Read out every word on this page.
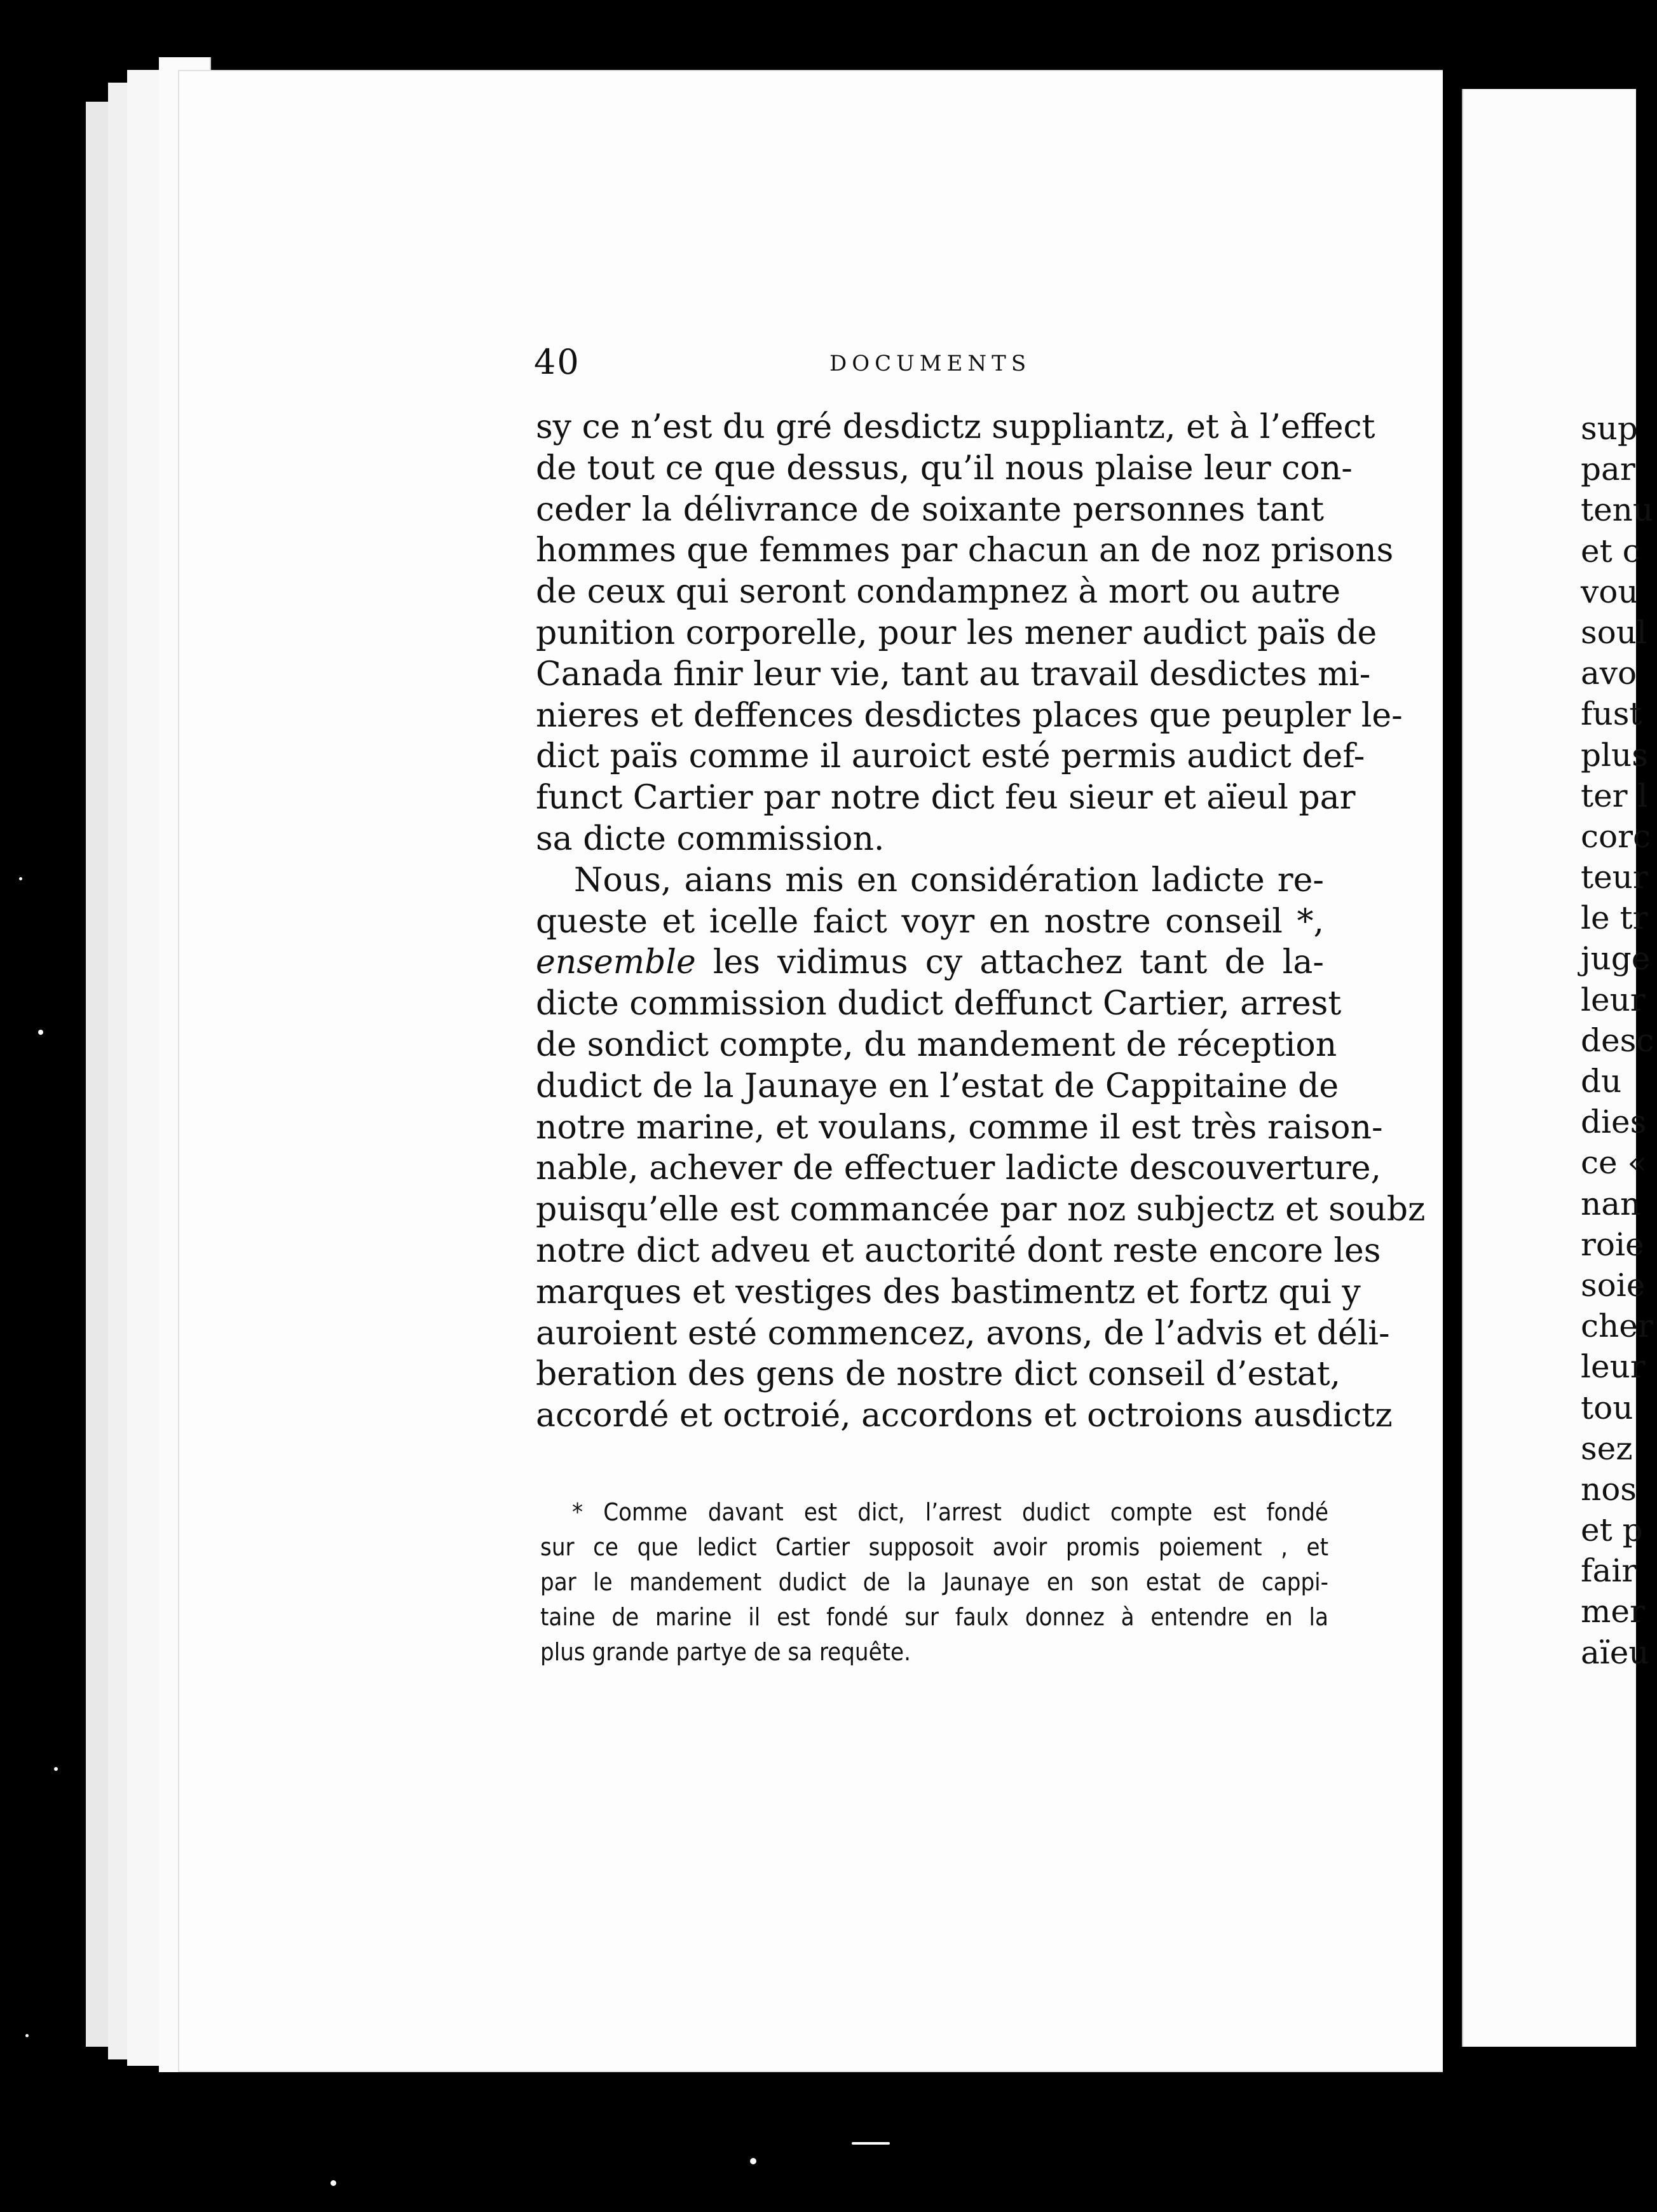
40	DOCUMENTS
sy ce n’est du gré desdictz suppliantz, et à l’effect
de tout ce que dessus, qu’il nous plaise leur con-
ceder la délivrance de soixante personnes tant
hommes que femmes par chacun an de noz prisons
de ceux qui seront condampnez à mort ou autre
punition corporelle, pour les mener audict païs de
Canada finir leur vie, tant au travail desdictes mi-
nieres et deffences desdictes places que peupler le-
dict païs comme il auroict esté permis audict def-
funct Cartier par notre dict feu sieur et aïeul par
sa dicte commission.
Nous, aians mis en considération ladicte re-
queste et icelle faict voyr en nostre conseil *,
ensemble les vidimus cy attachez tant de la-
dicte commission dudict deffunct Cartier, arrest
de sondict compte, du mandement de réception
dudict de la Jaunaye en l’estat de Cappitaine de
notre marine, et voulans, comme il est très raison-
nable, achever de effectuer ladicte descouverture,
puisqu’elle est commancée par noz subjectz et soubz
notre dict adveu et auctorité dont reste encore les
marques et vestiges des bastimentz et fortz qui y
auroient esté commencez, avons, de l’advis et déli-
beration des gens de nostre dict conseil d’estat,
accordé et octroié, accordons et octroions ausdictz
* Comme davant est dict, l’arrest dudict compte est fondé
sur ce que ledict Cartier supposoit avoir promis poiement , et
par le mandement dudict de la Jaunaye en son estat de cappi-
taine de marine il est fondé sur faulx donnez à entendre en la
plus grande partye de sa requête.
sup
par
tenu
et c
vou
soul
avo
fust
plus
ter l
corc
teur
le tr
juge
leur
desc
du
dies
ce «
nan
roie
soie
cher
leur
tou
sez
nos
et p
fair
mer
aïeu
